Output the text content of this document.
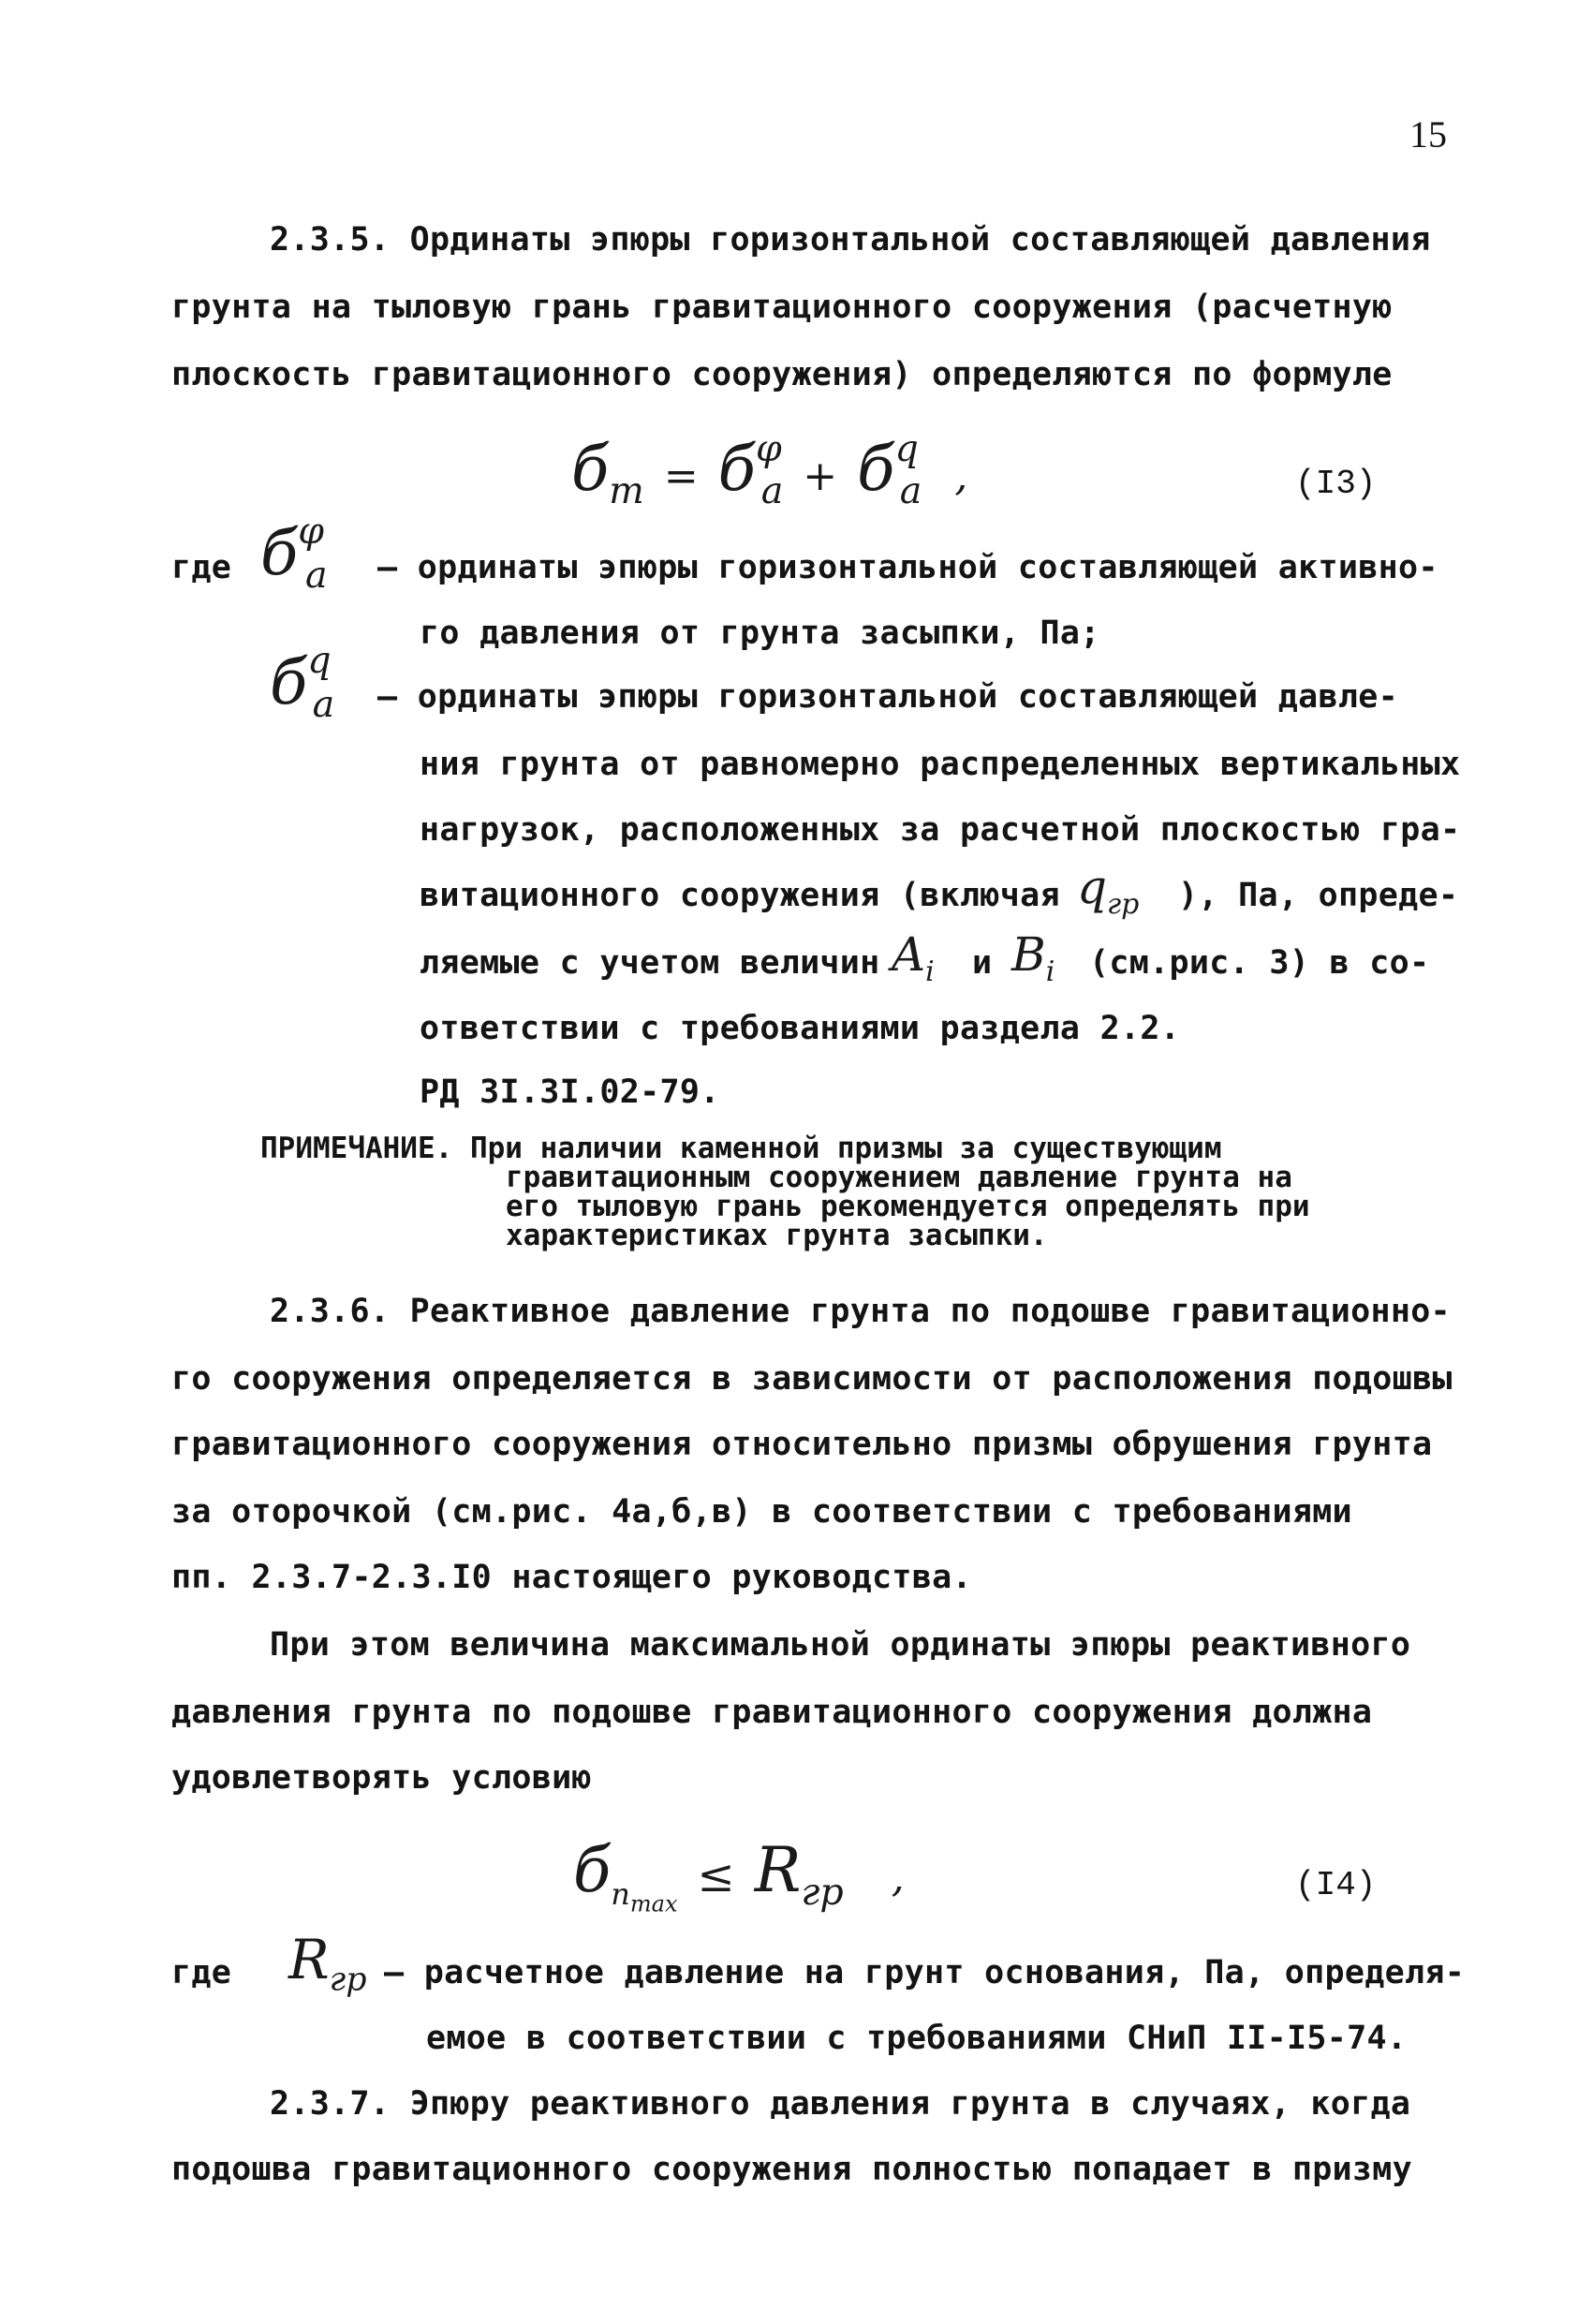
15
2.3.5. Ординаты эпюры горизонтальной составляющей давления
грунта на тыловую грань гравитационного сооружения (расчетную
плоскость гравитационного сооружения) определяются по формуле
$б_т = б^\varphi_a + б^q_a$ ,	(I3)
где $б^\varphi_a$ – ординаты эпюры горизонтальной составляющей активно-
го давления от грунта засыпки, Па;
$б^q_a$ – ординаты эпюры горизонтальной составляющей давле-
ния грунта от равномерно распределенных вертикальных
нагрузок, расположенных за расчетной плоскостью гра-
витационного сооружения (включая $q_{гр}$ ), Па, опреде-
ляемые с учетом величин $A_i$ и $B_i$ (см.рис. 3) в со-
ответствии с требованиями раздела 2.2.
РД 3I.3I.02-79.
ПРИМЕЧАНИЕ. При наличии каменной призмы за существующим
гравитационным сооружением давление грунта на
его тыловую грань рекомендуется определять при
характеристиках грунта засыпки.
2.3.6. Реактивное давление грунта по подошве гравитационно-
го сооружения определяется в зависимости от расположения подошвы
гравитационного сооружения относительно призмы обрушения грунта
за оторочкой (см.рис. 4а,б,в) в соответствии с требованиями
пп. 2.3.7-2.3.I0 настоящего руководства.
При этом величина максимальной ординаты эпюры реактивного
давления грунта по подошве гравитационного сооружения должна
удовлетворять условию
$б_{n_{max}} \le R_{гр}$ ,	(I4)
где $R_{гр}$ – расчетное давление на грунт основания, Па, определя-
емое в соответствии с требованиями СНиП II-I5-74.
2.3.7. Эпюру реактивного давления грунта в случаях, когда
подошва гравитационного сооружения полностью попадает в призму
